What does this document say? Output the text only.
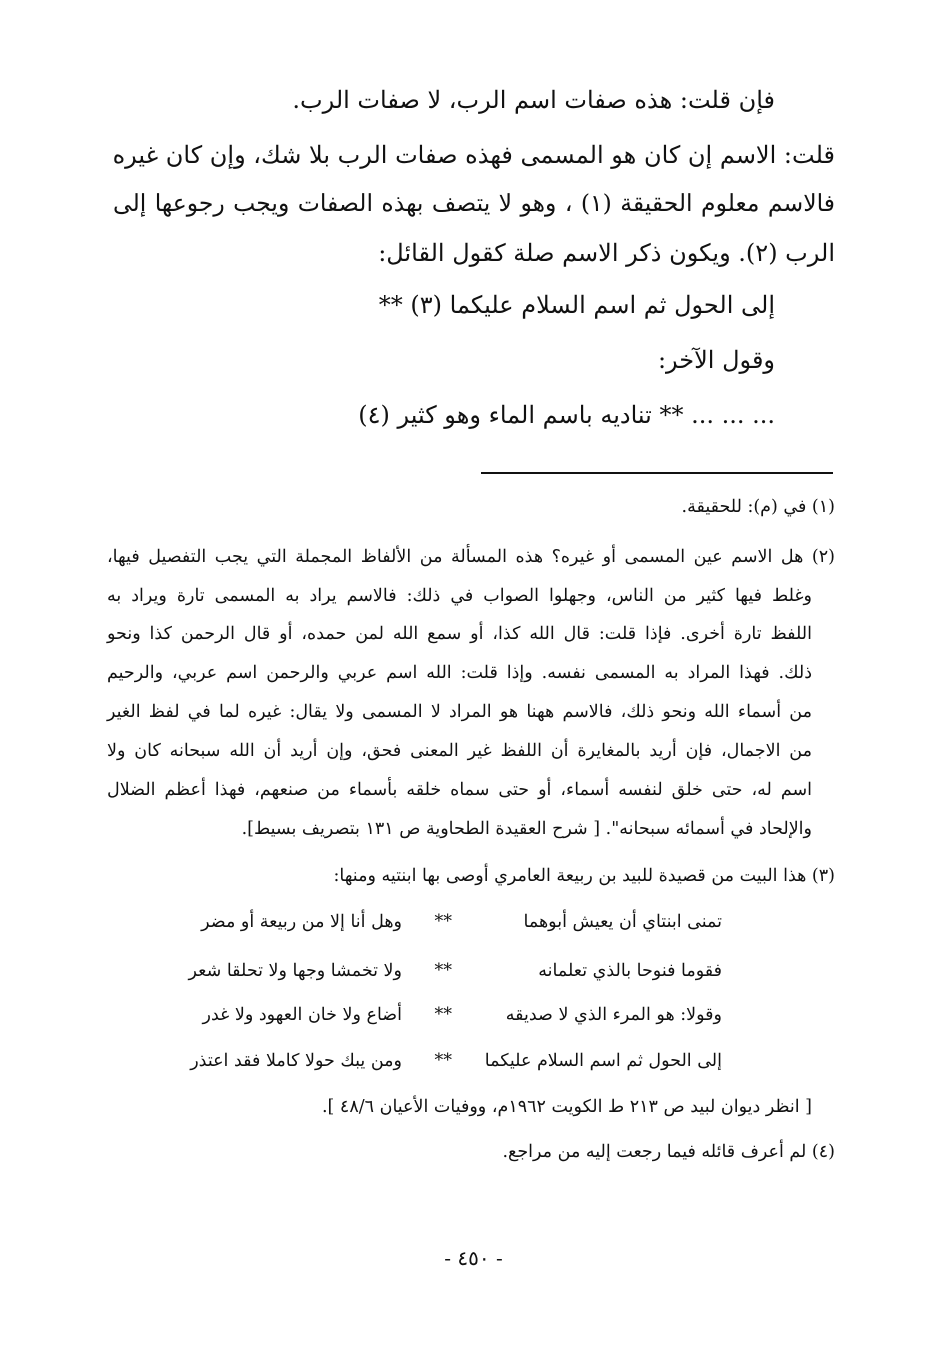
فإن قلت: هذه صفات اسم الرب، لا صفات الرب.
قلت: الاسم إن كان هو المسمى فهذه صفات الرب بلا شك، وإن كان غيره
فالاسم معلوم الحقيقة (١) ، وهو لا يتصف بهذه الصفات ويجب رجوعها إلى
الرب (٢). ويكون ذكر الاسم صلة كقول القائل:
إلى الحول ثم اسم السلام عليكما (٣) **
وقول الآخر:
... ... ... ** تناديه باسم الماء وهو كثير (٤)
(١) في (م): للحقيقة.
(٢) هل الاسم عين المسمى أو غيره؟ هذه المسألة من الألفاظ المجملة التي يجب التفصيل فيها،
وغلط فيها كثير من الناس، وجهلوا الصواب في ذلك: فالاسم يراد به المسمى تارة ويراد به
اللفظ تارة أخرى. فإذا قلت: قال الله كذا، أو سمع الله لمن حمده، أو قال الرحمن كذا ونحو
ذلك. فهذا المراد به المسمى نفسه. وإذا قلت: الله اسم عربي والرحمن اسم عربي، والرحيم
من أسماء الله ونحو ذلك، فالاسم ههنا هو المراد لا المسمى ولا يقال: غيره لما في لفظ الغير
من الاجمال، فإن أريد بالمغايرة أن اللفظ غير المعنى فحق، وإن أريد أن الله سبحانه كان ولا
اسم له، حتى خلق لنفسه أسماء، أو حتى سماه خلقه بأسماء من صنعهم، فهذا أعظم الضلال
والإلحاد في أسمائه سبحانه". [ شرح العقيدة الطحاوية ص ١٣١ بتصريف بسيط].
(٣) هذا البيت من قصيدة للبيد بن ربيعة العامري أوصى بها ابنتيه ومنها:
تمنى ابنتاي أن يعيش أبوهما
**
وهل أنا إلا من ربيعة أو مضر
فقوما فنوحا بالذي تعلمانه
**
ولا تخمشا وجها ولا تحلقا شعر
وقولا: هو المرء الذي لا صديقه
**
أضاع ولا خان العهود ولا غدر
إلى الحول ثم اسم السلام عليكما
**
ومن يبك حولا كاملا فقد اعتذر
[ انظر ديوان لبيد ص ٢١٣ ط الكويت ١٩٦٢م، ووفيات الأعيان ٤٨/٦ ].
(٤) لم أعرف قائله فيما رجعت إليه من مراجع.
- ٤٥٠ -
